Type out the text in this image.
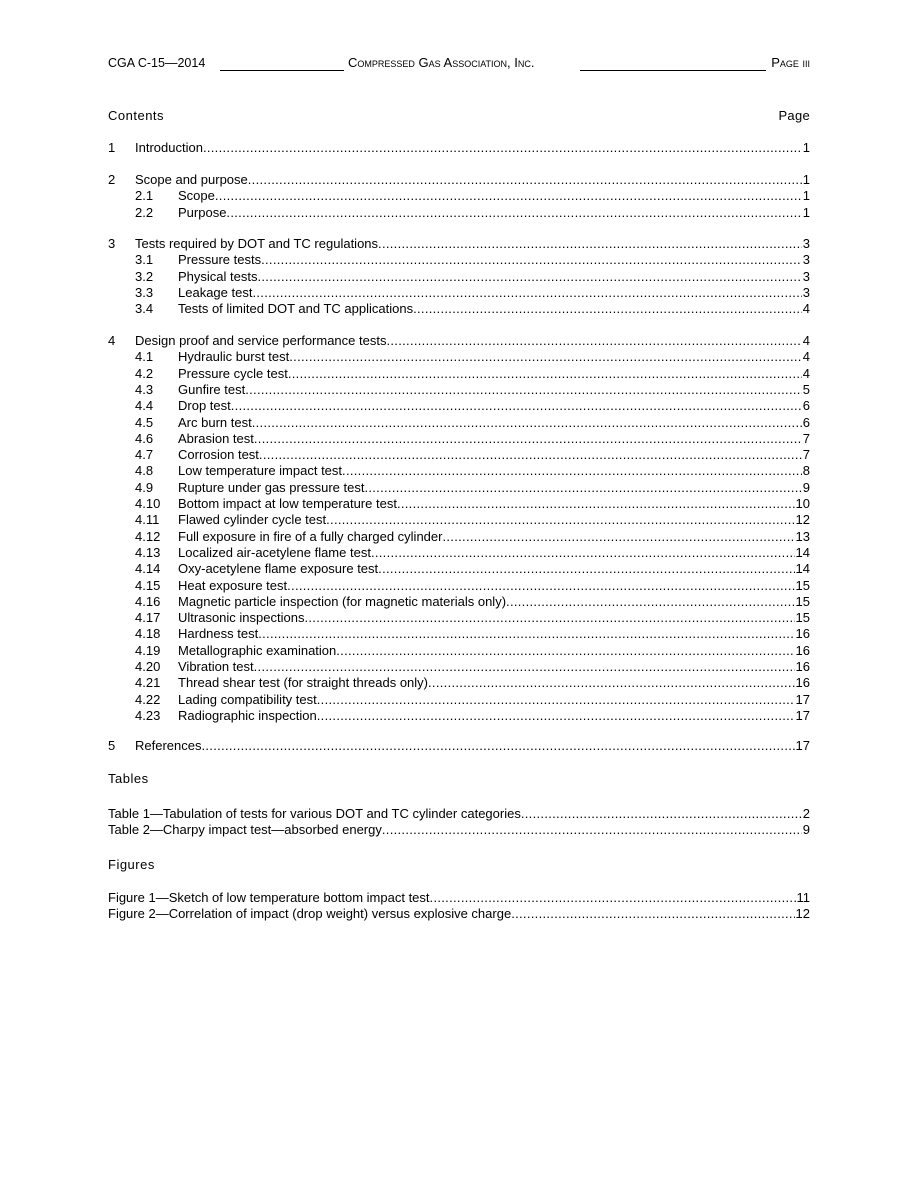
CGA C-15—2014	Compressed Gas Association, Inc.	Page iii
Contents	Page
1	Introduction .....	1
2	Scope and purpose .....	1
2.1	Scope .....	1
2.2	Purpose .....	1
3	Tests required by DOT and TC regulations .....	3
3.1	Pressure tests .....	3
3.2	Physical tests .....	3
3.3	Leakage test .....	3
3.4	Tests of limited DOT and TC applications .....	4
4	Design proof and service performance tests .....	4
4.1	Hydraulic burst test .....	4
4.2	Pressure cycle test .....	4
4.3	Gunfire test .....	5
4.4	Drop test .....	6
4.5	Arc burn test .....	6
4.6	Abrasion test .....	7
4.7	Corrosion test .....	7
4.8	Low temperature impact test .....	8
4.9	Rupture under gas pressure test .....	9
4.10	Bottom impact at low temperature test .....	10
4.11	Flawed cylinder cycle test .....	12
4.12	Full exposure in fire of a fully charged cylinder .....	13
4.13	Localized air-acetylene flame test .....	14
4.14	Oxy-acetylene flame exposure test .....	14
4.15	Heat exposure test .....	15
4.16	Magnetic particle inspection (for magnetic materials only) .....	15
4.17	Ultrasonic inspections .....	15
4.18	Hardness test .....	16
4.19	Metallographic examination .....	16
4.20	Vibration test .....	16
4.21	Thread shear test (for straight threads only) .....	16
4.22	Lading compatibility test .....	17
4.23	Radiographic inspection .....	17
5	References .....	17
Tables
Table 1—Tabulation of tests for various DOT and TC cylinder categories .....	2
Table 2—Charpy impact test—absorbed energy .....	9
Figures
Figure 1—Sketch of low temperature bottom impact test .....	11
Figure 2—Correlation of impact (drop weight) versus explosive charge .....	12
